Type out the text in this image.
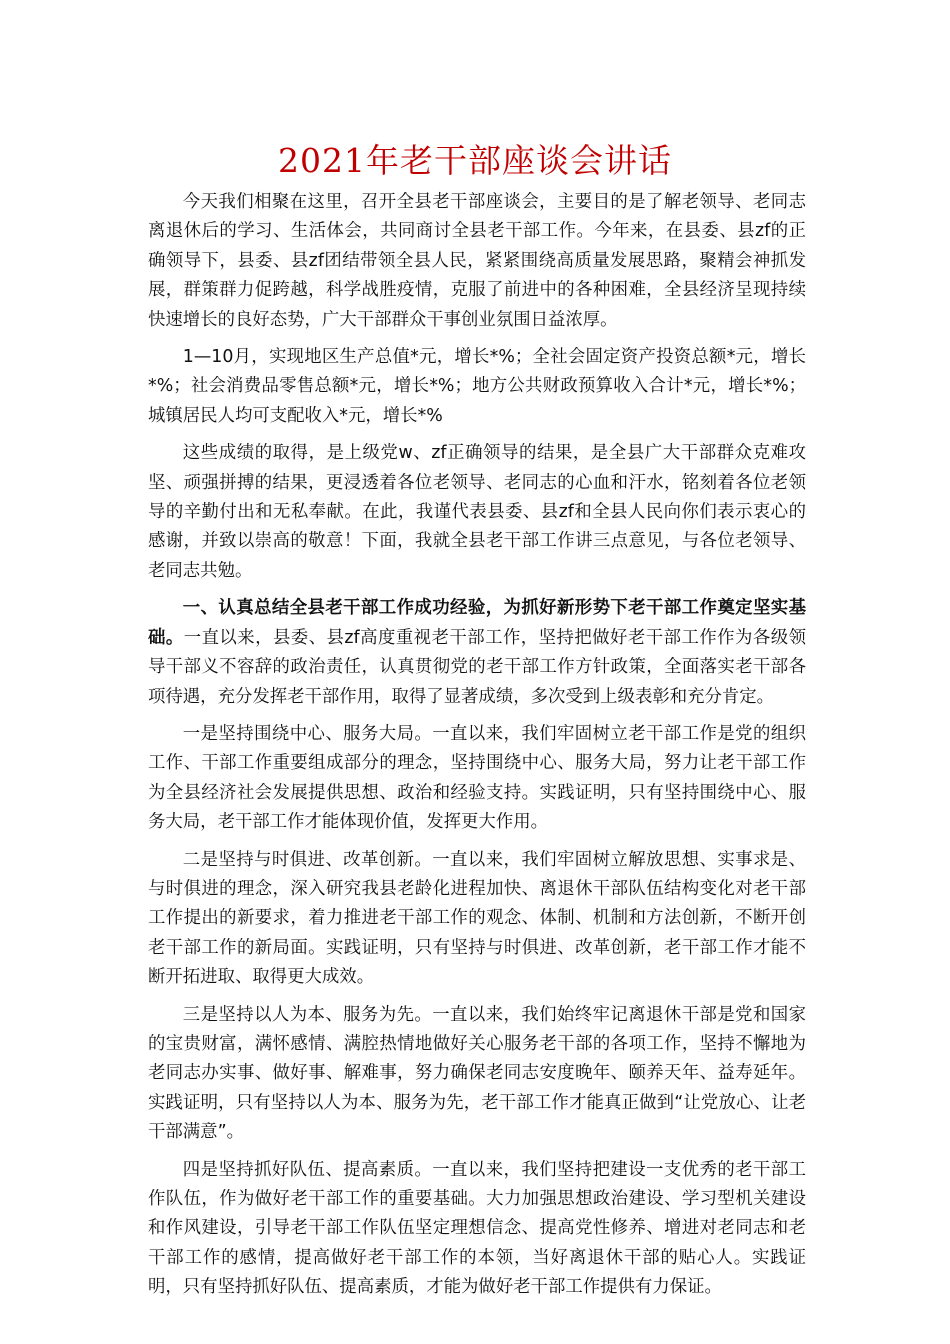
2021年老干部座谈会讲话

今天我们相聚在这里，召开全县老干部座谈会，主要目的是了解老领导、老同志离退休后的学习、生活体会，共同商讨全县老干部工作。今年来，在县委、县zf的正确领导下，县委、县zf团结带领全县人民，紧紧围绕高质量发展思路，聚精会神抓发展，群策群力促跨越，科学战胜疫情，克服了前进中的各种困难，全县经济呈现持续快速增长的良好态势，广大干部群众干事创业氛围日益浓厚。

1—10月，实现地区生产总值*元，增长*%；全社会固定资产投资总额*元，增长*%；社会消费品零售总额*元，增长*%；地方公共财政预算收入合计*元，增长*%；城镇居民人均可支配收入*元，增长*%

这些成绩的取得，是上级党w、zf正确领导的结果，是全县广大干部群众克难攻坚、顽强拼搏的结果，更浸透着各位老领导、老同志的心血和汗水，铭刻着各位老领导的辛勤付出和无私奉献。在此，我谨代表县委、县zf和全县人民向你们表示衷心的感谢，并致以崇高的敬意！下面，我就全县老干部工作讲三点意见，与各位老领导、老同志共勉。

一、认真总结全县老干部工作成功经验，为抓好新形势下老干部工作奠定坚实基础。一直以来，县委、县zf高度重视老干部工作，坚持把做好老干部工作作为各级领导干部义不容辞的政治责任，认真贯彻党的老干部工作方针政策，全面落实老干部各项待遇，充分发挥老干部作用，取得了显著成绩，多次受到上级表彰和充分肯定。

一是坚持围绕中心、服务大局。一直以来，我们牢固树立老干部工作是党的组织工作、干部工作重要组成部分的理念，坚持围绕中心、服务大局，努力让老干部工作为全县经济社会发展提供思想、政治和经验支持。实践证明，只有坚持围绕中心、服务大局，老干部工作才能体现价值，发挥更大作用。

二是坚持与时俱进、改革创新。一直以来，我们牢固树立解放思想、实事求是、与时俱进的理念，深入研究我县老龄化进程加快、离退休干部队伍结构变化对老干部工作提出的新要求，着力推进老干部工作的观念、体制、机制和方法创新，不断开创老干部工作的新局面。实践证明，只有坚持与时俱进、改革创新，老干部工作才能不断开拓进取、取得更大成效。

三是坚持以人为本、服务为先。一直以来，我们始终牢记离退休干部是党和国家的宝贵财富，满怀感情、满腔热情地做好关心服务老干部的各项工作，坚持不懈地为老同志办实事、做好事、解难事，努力确保老同志安度晚年、颐养天年、益寿延年。实践证明，只有坚持以人为本、服务为先，老干部工作才能真正做到“让党放心、让老干部满意”。

四是坚持抓好队伍、提高素质。一直以来，我们坚持把建设一支优秀的老干部工作队伍，作为做好老干部工作的重要基础。大力加强思想政治建设、学习型机关建设和作风建设，引导老干部工作队伍坚定理想信念、提高党性修养、增进对老同志和老干部工作的感情，提高做好老干部工作的本领，当好离退休干部的贴心人。实践证明，只有坚持抓好队伍、提高素质，才能为做好老干部工作提供有力保证。
